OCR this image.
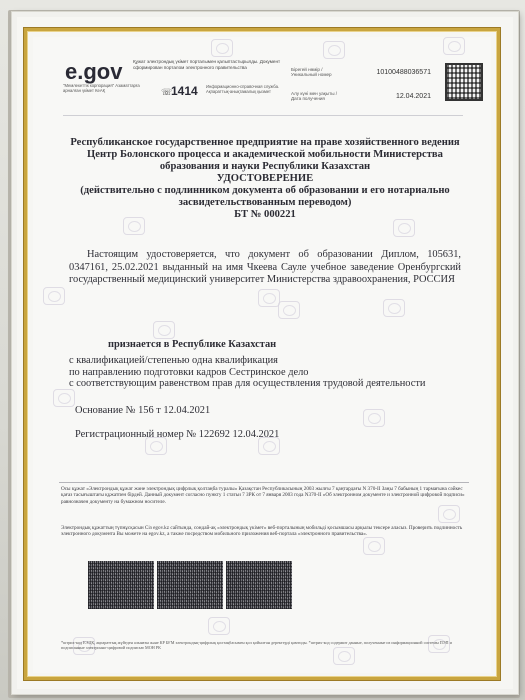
e.gov
"Мемлекеттік корпорация" Азаматтарға арналған үкімет КеАҚ
Құжат электрондық үкімет порталымен қалыптастырылды. Документ сформирован порталом электронного правительства
☏
1414 Информационно-справочная служба. Ақпараттық-анықтамалық қызмет
Бірегей нөмір / Уникальный номер	10100488036571
Алу күні мен уақыты / Дата получения	12.04.2021
Республиканское государственное предприятие на праве хозяйственного ведения
Центр Болонского процесса и академической мобильности Министерства
образования и науки Республики Казахстан
УДОСТОВЕРЕНИЕ
(действительно с подлинником документа об образовании и его нотариально
засвидетельствованным переводом)
БТ № 000221
Настоящим удостоверяется, что документ об образовании Диплом, 105631, 0347161, 25.02.2021 выданный на имя Чкеева Сауле учебное заведение Оренбургский государственный медицинский университет Министерства здравоохранения, РОССИЯ
признается в Республике Казахстан
с квалификацией/степенью одна квалификация
по направлению подготовки кадров Сестринское дело
с соответствующим равенством прав для осуществления трудовой деятельности
Основание № 156 т 12.04.2021
Регистрационный номер № 122692 12.04.2021
Осы құжат «Электрондық құжат және электрондық цифрлық қолтаңба туралы» Қазақстан Республикасының 2003 жылғы 7 қаңтардағы N 370-II Заңы 7 бабының 1 тармағына сәйкес қағаз тасығыштағы құжатпен бірдей. Данный документ согласно пункту 1 статьи 7 ЗРК от 7 января 2003 года N370-II «Об электронном документе и электронной цифровой подписи» равнозначен документу на бумажном носителе.
Электрондық құжаттың түпнұсқасын Сіз egov.kz сайтында, сондай-ақ «электрондық үкімет» веб-порталының мобильді қосымшасы арқылы тексере аласыз. Проверить подлинность электронного документа Вы можете на egov.kz, а также посредством мобильного приложения веб-портала «электронного правительства».
*штрих-код ЕЭЦҚ, ақпараттық жүйеден алынған және КР БҒМ электрондық-цифрлық қолтаңбасымен қол қойылған деректерді қамтиды. *штрих-код содержит данные, полученные из информационной системы ПЭП и подписанные электронно-цифровой подписью МОН РК
